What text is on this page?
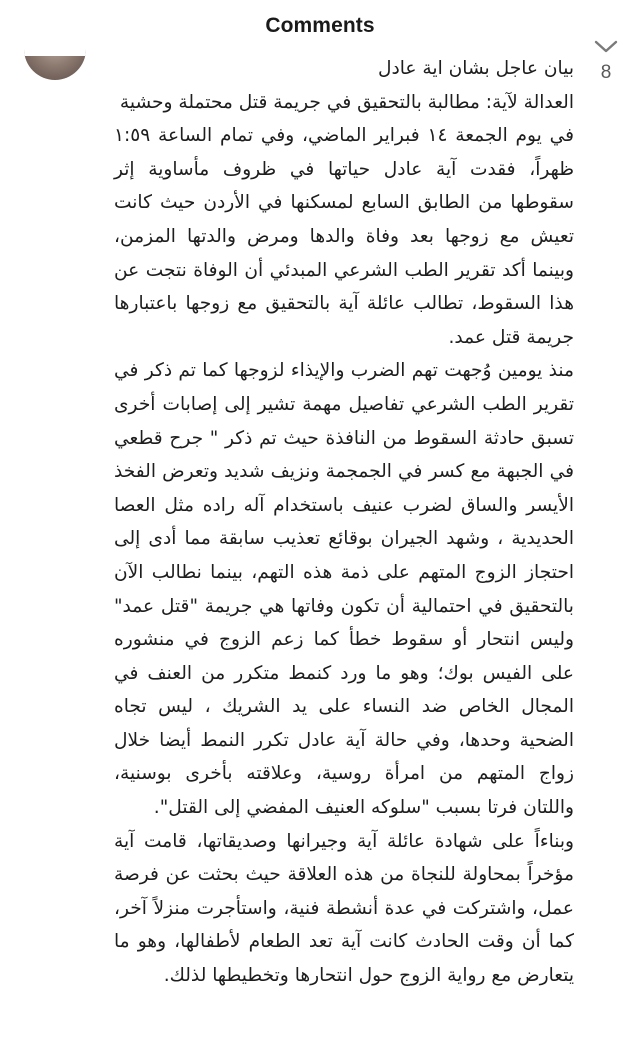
Comments
8

بيان عاجل بشان اية عادل

العدالة لآية: مطالبة بالتحقيق في جريمة قتل محتملة وحشية

في يوم الجمعة ١٤ فبراير الماضي، وفي تمام الساعة ١:٥٩ ظهراً، فقدت آية عادل حياتها في ظروف مأساوية إثر سقوطها من الطابق السابع لمسكنها في الأردن حيث كانت تعيش مع زوجها بعد وفاة والدها ومرض والدتها المزمن، وبينما أكد تقرير الطب الشرعي المبدئي أن الوفاة نتجت عن هذا السقوط، تطالب عائلة آية بالتحقيق مع زوجها باعتبارها جريمة قتل عمد.

منذ يومين وُجهت تهم الضرب والإيذاء لزوجها كما تم ذكر في تقرير الطب الشرعي تفاصيل مهمة تشير إلى إصابات أخرى تسبق حادثة السقوط من النافذة حيث تم ذكر " جرح قطعي في الجبهة مع كسر في الجمجمة ونزيف شديد وتعرض الفخذ الأيسر والساق لضرب عنيف باستخدام آله راده مثل العصا الحديدية ، وشهد الجيران بوقائع تعذيب سابقة مما أدى إلى احتجاز الزوج المتهم على ذمة هذه التهم، بينما نطالب الآن بالتحقيق في احتمالية أن تكون وفاتها هي جريمة "قتل عمد" وليس انتحار أو سقوط خطأ كما زعم الزوج في منشوره على الفيس بوك؛ وهو ما ورد كنمط متكرر من العنف في المجال الخاص ضد النساء على يد الشريك ، ليس تجاه الضحية وحدها، وفي حالة آية عادل تكرر النمط أيضا خلال زواج المتهم من امرأة روسية، وعلاقته بأخرى بوسنية، واللتان فرتا بسبب "سلوكه العنيف المفضي إلى القتل".

وبناءاً على شهادة عائلة آية وجيرانها وصديقاتها، قامت آية مؤخراً بمحاولة للنجاة من هذه العلاقة حيث بحثت عن فرصة عمل، واشتركت في عدة أنشطة فنية، واستأجرت منزلاً آخر، كما أن وقت الحادث كانت آية تعد الطعام لأطفالها، وهو ما يتعارض مع رواية الزوج حول انتحارها وتخطيطها لذلك.
